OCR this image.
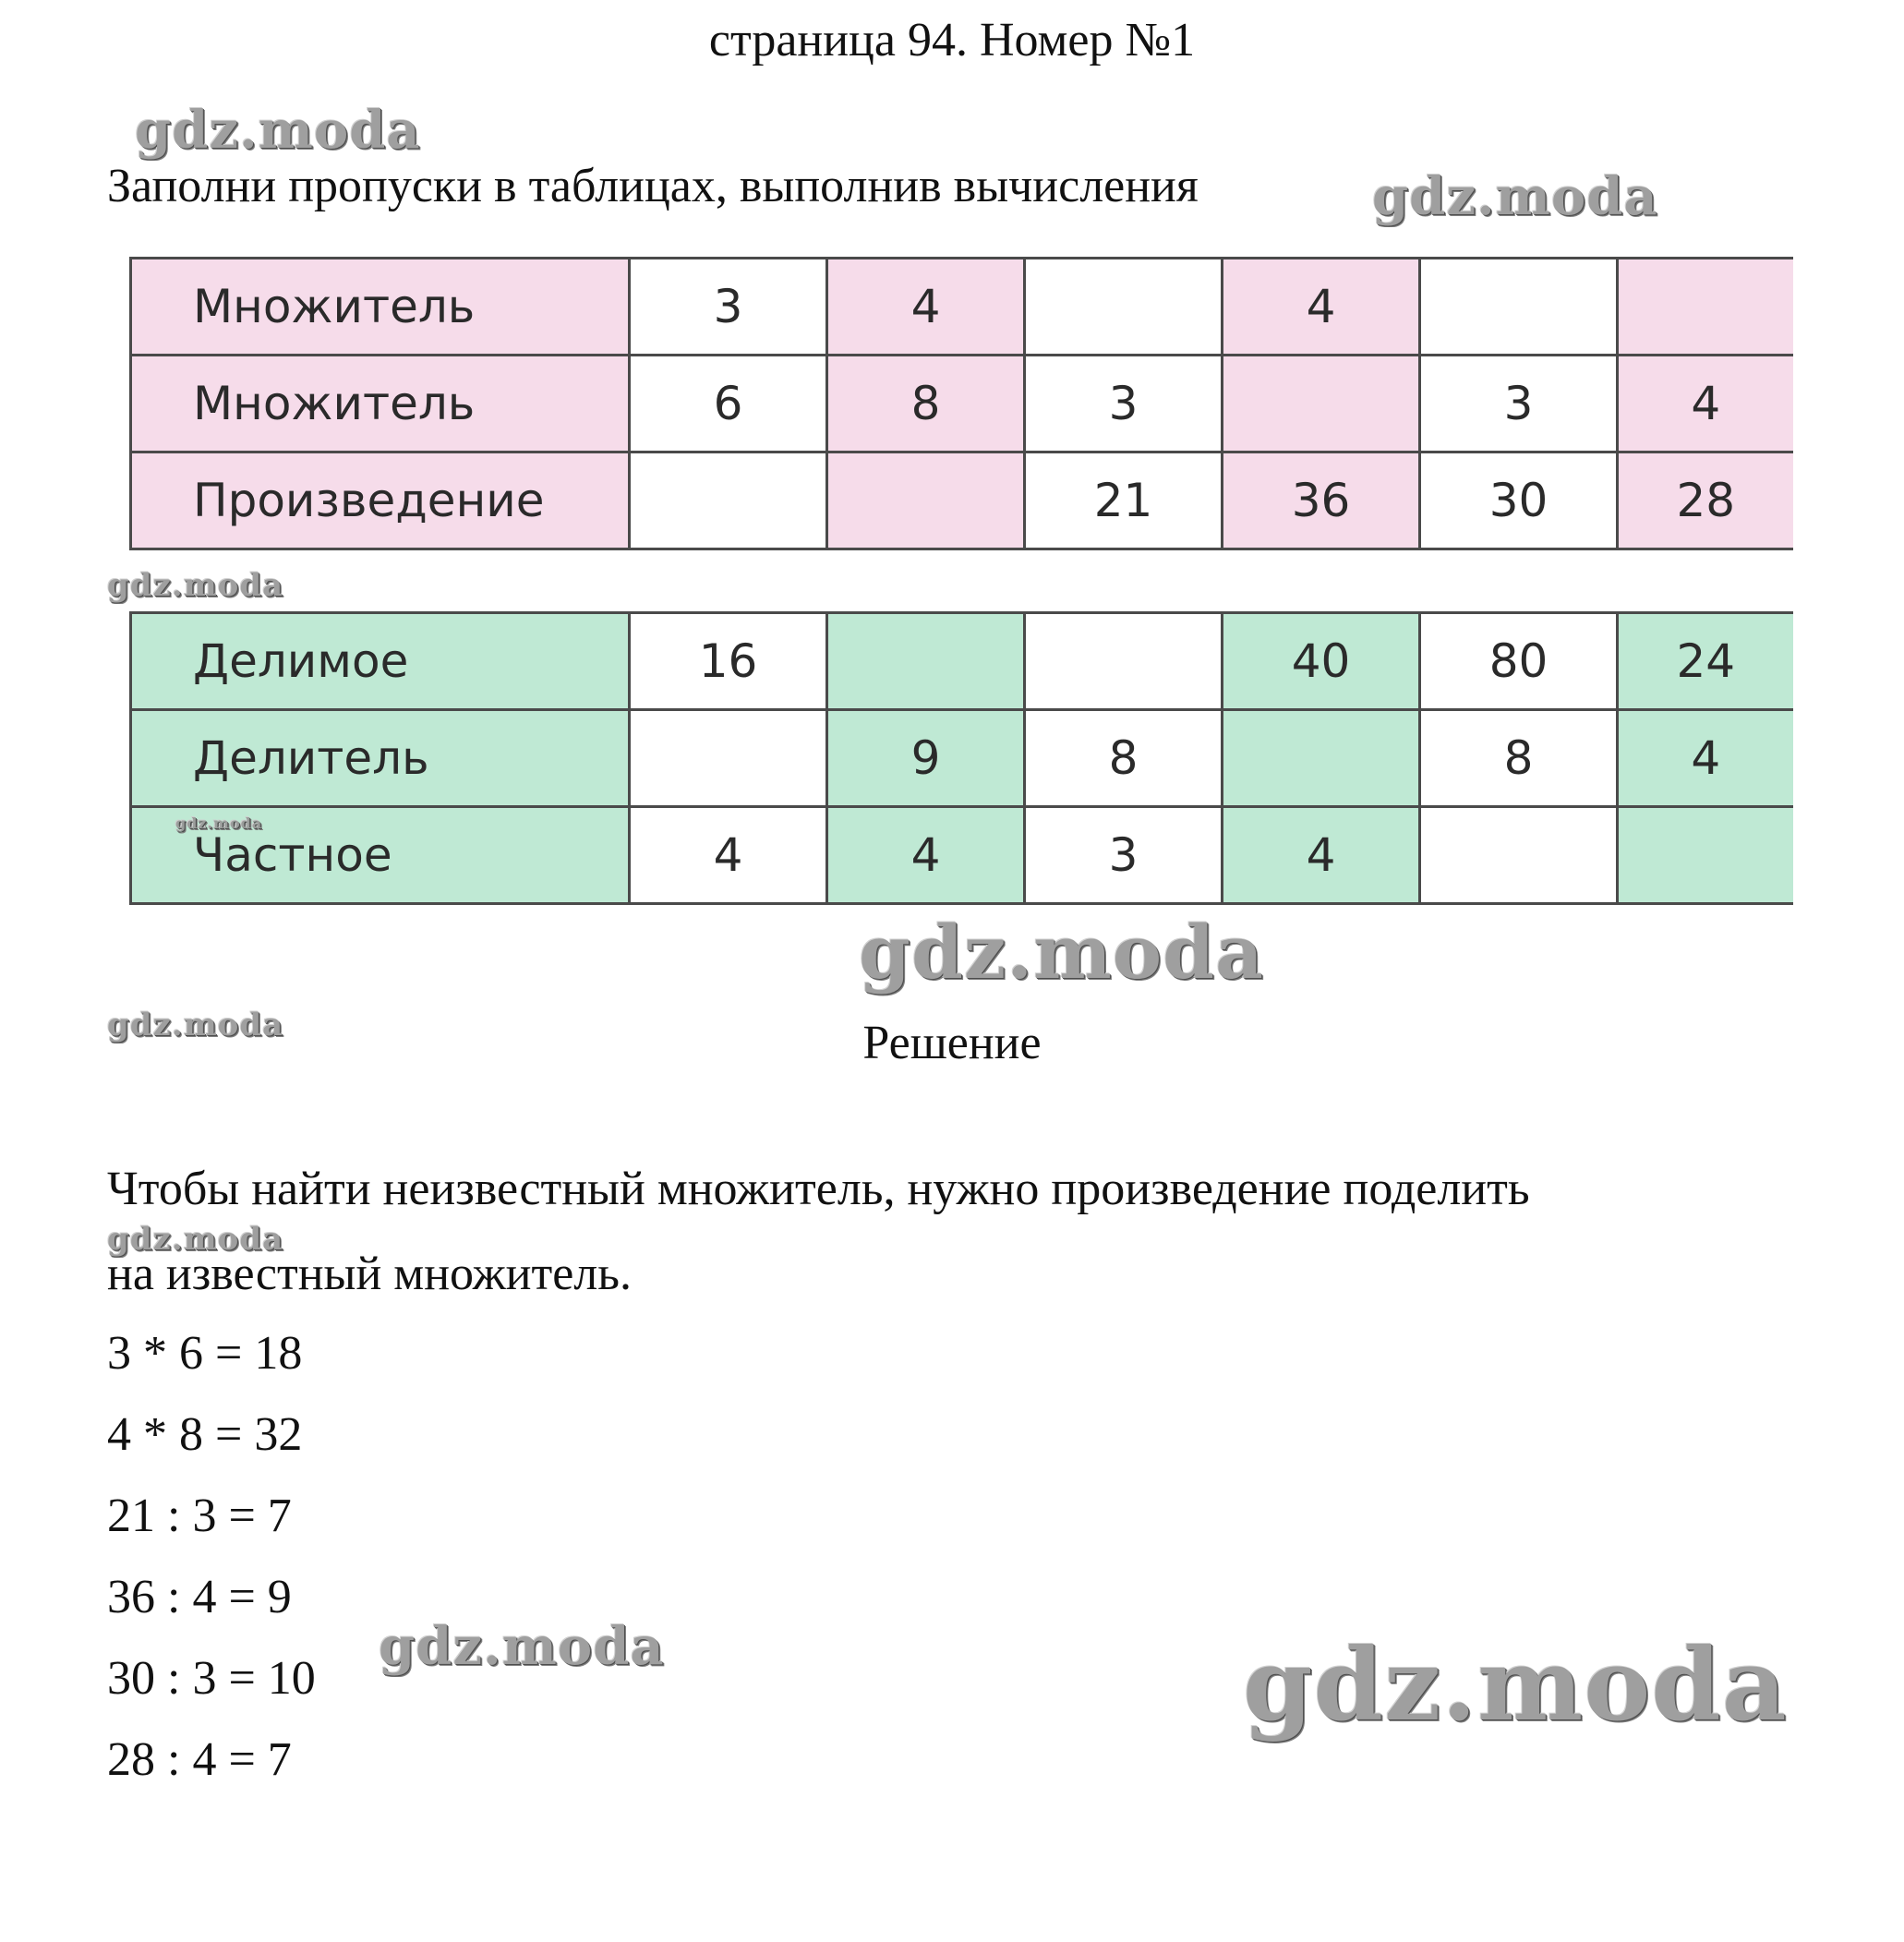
страница 94. Номер №1
Заполни пропуски в таблицах, выполнив вычисления
Множитель	3	4		4		
Множитель	6	8	3		3	4
Произведение			21	36	30	28
Делимое	16			40	80	24
Делитель		9	8		8	4
Частное	4	4	3	4		
Решение
Чтобы найти неизвестный множитель, нужно произведение поделить
на известный множитель.
3 * 6 = 18
4 * 8 = 32
21 : 3 = 7
36 : 4 = 9
30 : 3 = 10
28 : 4 = 7
gdz.moda
gdz.moda
gdz.moda
gdz.moda
gdz.moda
gdz.moda
gdz.moda
gdz.moda	gdz.moda
